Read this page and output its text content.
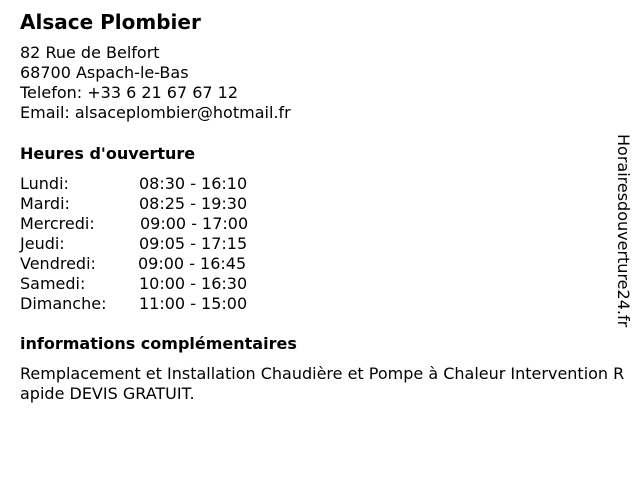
Alsace Plombier
82 Rue de Belfort
68700 Aspach-le-Bas
Telefon: +33 6 21 67 67 12
Email: alsaceplombier@hotmail.fr
Heures d'ouverture
Lundi:	08:30 - 16:10
Mardi:	08:25 - 19:30
Mercredi:	09:00 - 17:00
Jeudi:	09:05 - 17:15
Vendredi:	09:00 - 16:45
Samedi:	10:00 - 16:30
Dimanche: 11:00 - 15:00
informations complémentaires
Remplacement et Installation Chaudière et Pompe à Chaleur Intervention Rapide DEVIS GRATUIT.
Horairesdouverture24.fr
